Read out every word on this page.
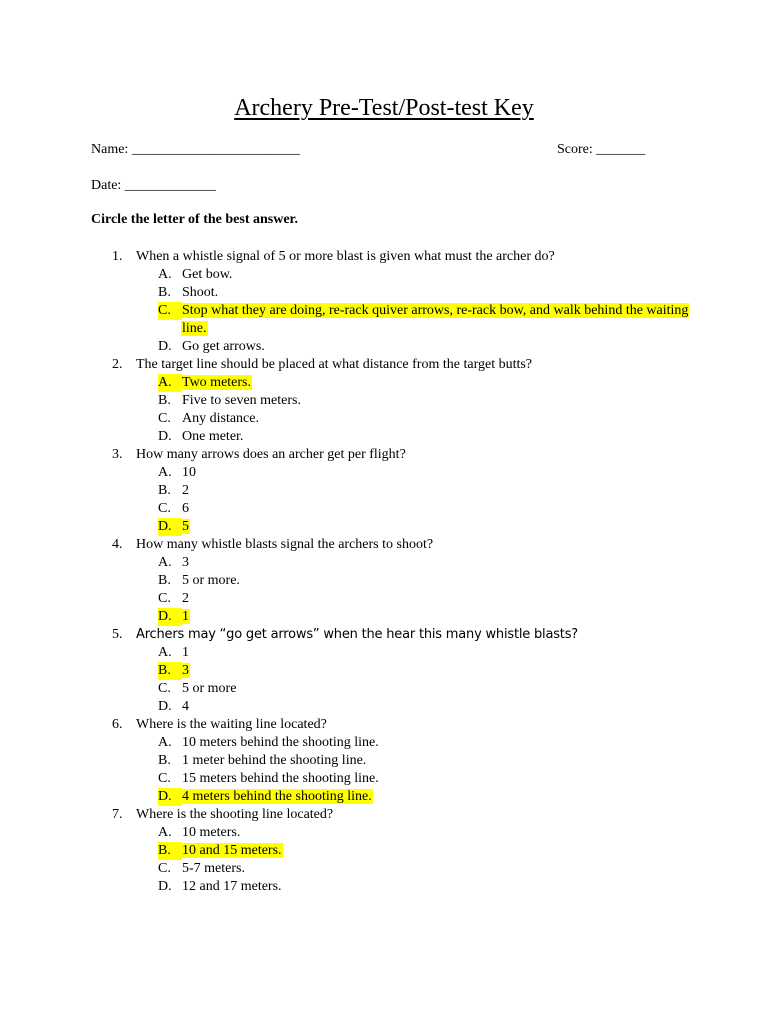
Archery Pre-Test/Post-test Key
Name: ________________________	Score: _______
Date: _____________
Circle the letter of the best answer.
1. When a whistle signal of 5 or more blast is given what must the archer do?
A. Get bow.
B. Shoot.
C. Stop what they are doing, re-rack quiver arrows, re-rack bow, and walk behind the waiting line.
D. Go get arrows.
2. The target line should be placed at what distance from the target butts?
A. Two meters.
B. Five to seven meters.
C. Any distance.
D. One meter.
3. How many arrows does an archer get per flight?
A. 10
B. 2
C. 6
D. 5
4. How many whistle blasts signal the archers to shoot?
A. 3
B. 5 or more.
C. 2
D. 1
5.	Archers may “go get arrows” when the hear this many whistle blasts?
A. 1
B. 3
C. 5 or more
D. 4
6. Where is the waiting line located?
A. 10 meters behind the shooting line.
B. 1 meter behind the shooting line.
C. 15 meters behind the shooting line.
D. 4 meters behind the shooting line.
7. Where is the shooting line located?
A. 10 meters.
B. 10 and 15 meters.
C. 5-7 meters.
D. 12 and 17 meters.
